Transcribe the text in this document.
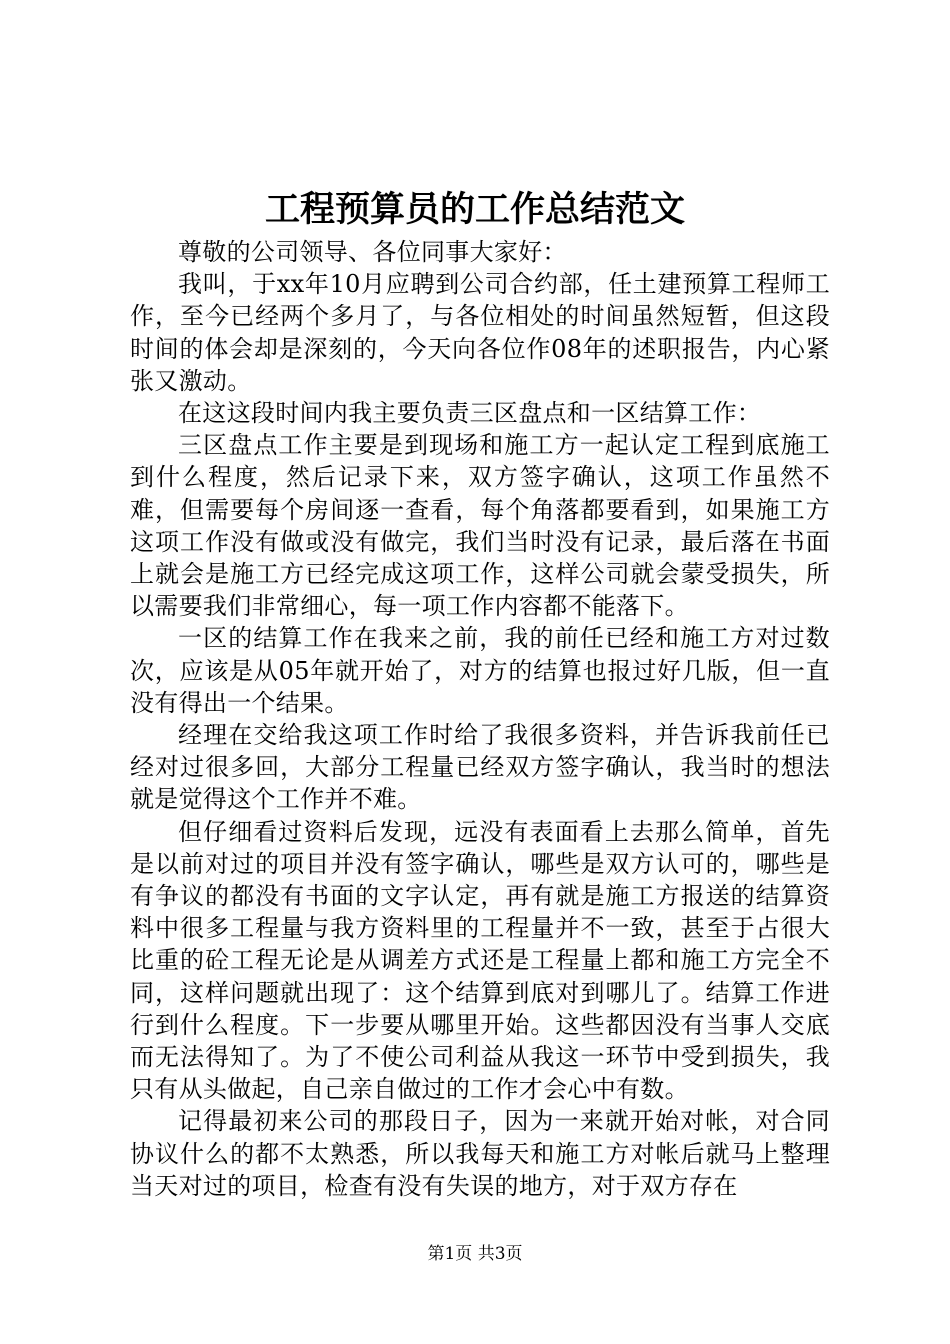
工程预算员的工作总结范文

尊敬的公司领导、各位同事大家好：

我叫，于xx年10月应聘到公司合约部，任土建预算工程师工作，至今已经两个多月了，与各位相处的时间虽然短暂，但这段时间的体会却是深刻的，今天向各位作08年的述职报告，内心紧张又激动。

在这这段时间内我主要负责三区盘点和一区结算工作：

三区盘点工作主要是到现场和施工方一起认定工程到底施工到什么程度，然后记录下来，双方签字确认，这项工作虽然不难，但需要每个房间逐一查看，每个角落都要看到，如果施工方这项工作没有做或没有做完，我们当时没有记录，最后落在书面上就会是施工方已经完成这项工作，这样公司就会蒙受损失，所以需要我们非常细心，每一项工作内容都不能落下。

一区的结算工作在我来之前，我的前任已经和施工方对过数次，应该是从05年就开始了，对方的结算也报过好几版，但一直没有得出一个结果。

经理在交给我这项工作时给了我很多资料，并告诉我前任已经对过很多回，大部分工程量已经双方签字确认，我当时的想法就是觉得这个工作并不难。

但仔细看过资料后发现，远没有表面看上去那么简单，首先是以前对过的项目并没有签字确认，哪些是双方认可的，哪些是有争议的都没有书面的文字认定，再有就是施工方报送的结算资料中很多工程量与我方资料里的工程量并不一致，甚至于占很大比重的砼工程无论是从调差方式还是工程量上都和施工方完全不同，这样问题就出现了：这个结算到底对到哪儿了。结算工作进行到什么程度。下一步要从哪里开始。这些都因没有当事人交底而无法得知了。为了不使公司利益从我这一环节中受到损失，我只有从头做起，自己亲自做过的工作才会心中有数。

记得最初来公司的那段日子，因为一来就开始对帐，对合同协议什么的都不太熟悉，所以我每天和施工方对帐后就马上整理当天对过的项目，检查有没有失误的地方，对于双方存在

第1页 共3页
